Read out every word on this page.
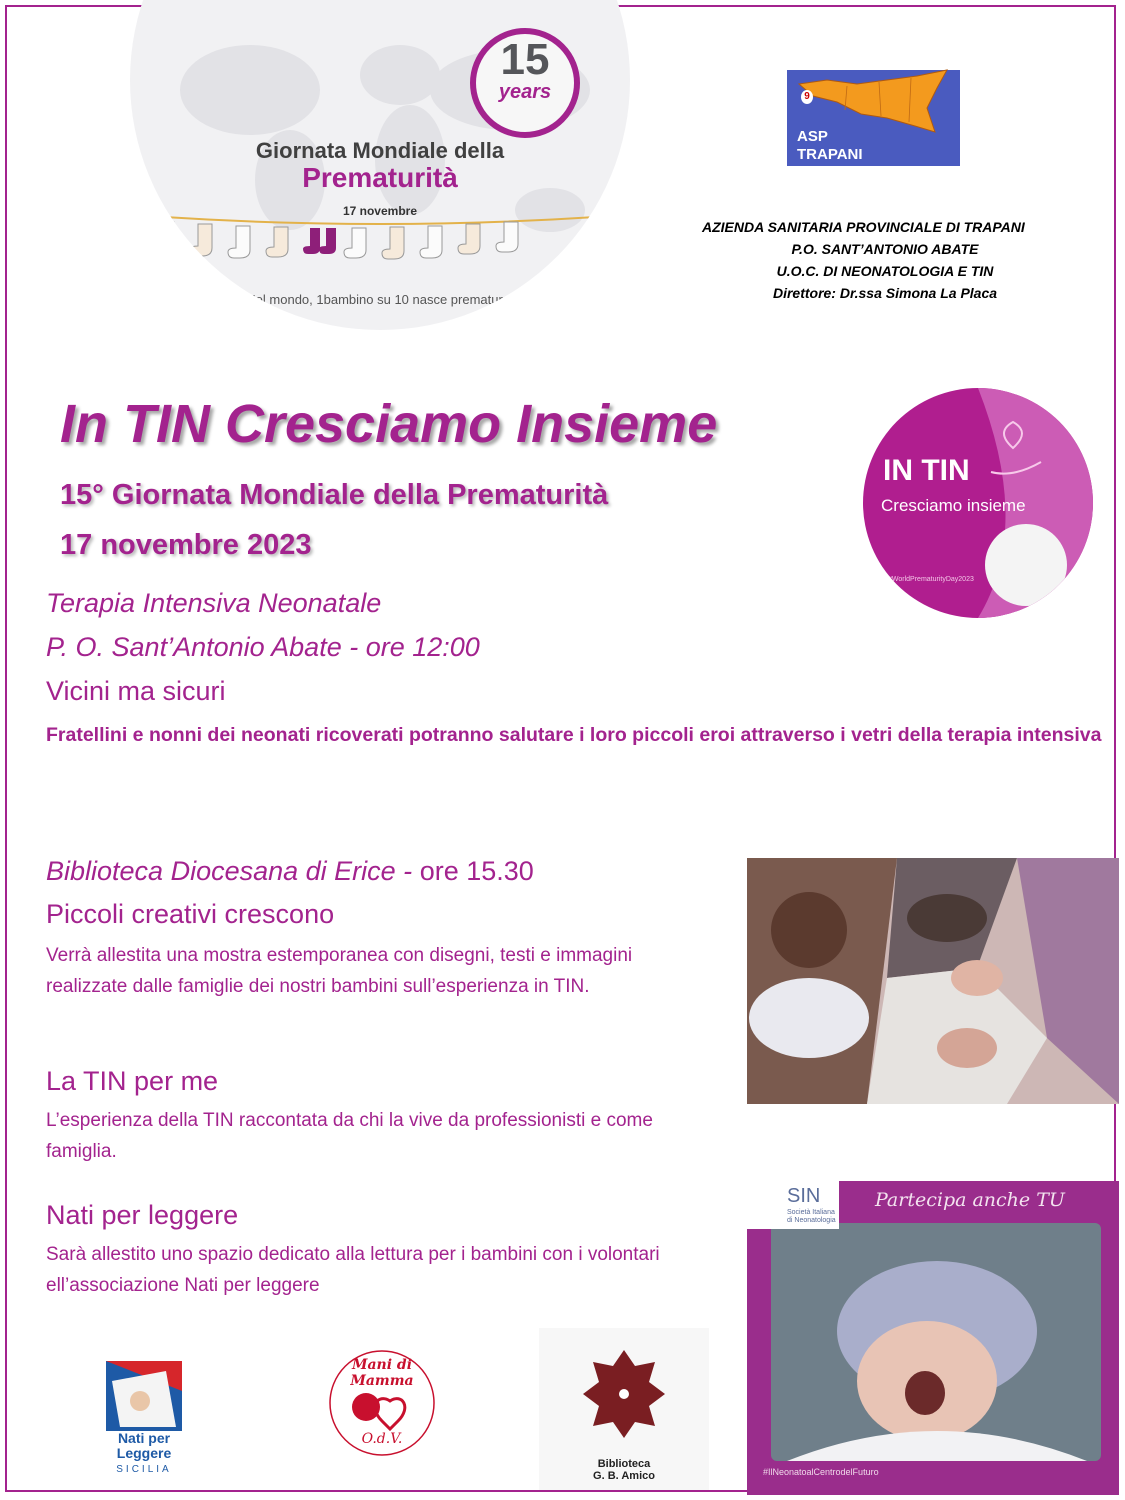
15
years
Giornata Mondiale della
Prematurità
17 novembre
Nel mondo, 1bambino su 10 nasce prematuro.
9
ASP
TRAPANI
AZIENDA SANITARIA PROVINCIALE DI TRAPANI
P.O. SANT’ANTONIO ABATE
U.O.C. DI NEONATOLOGIA E TIN
Direttore: Dr.ssa Simona La Placa
IN TIN
Cresciamo insieme
#WorldPrematurityDay2023
In TIN Cresciamo Insieme
15° Giornata Mondiale della Prematurità
17 novembre 2023
Terapia Intensiva Neonatale
P. O. Sant’Antonio Abate - ore 12:00
Vicini ma sicuri
Fratellini e nonni dei neonati ricoverati potranno salutare i loro piccoli eroi attraverso i vetri della terapia intensiva
Biblioteca Diocesana di Erice - ore 15.30
Piccoli creativi crescono
Verrà allestita una mostra estemporanea con disegni, testi e immagini realizzate dalle famiglie dei nostri bambini sull’esperienza in TIN.
La TIN per me
L’esperienza della TIN raccontata da chi la vive da professionisti e come famiglia.
Nati per leggere
Sarà allestito uno spazio dedicato alla lettura per i bambini con i volontari ell’associazione Nati per leggere
SIN
Società Italiana di Neonatologia
Partecipa anche TU
#IlNeonatoalCentrodelFuturo
Nati per
Leggere
SICILIA
Mani di Mamma
O.d.V.
Biblioteca
G. B. Amico
